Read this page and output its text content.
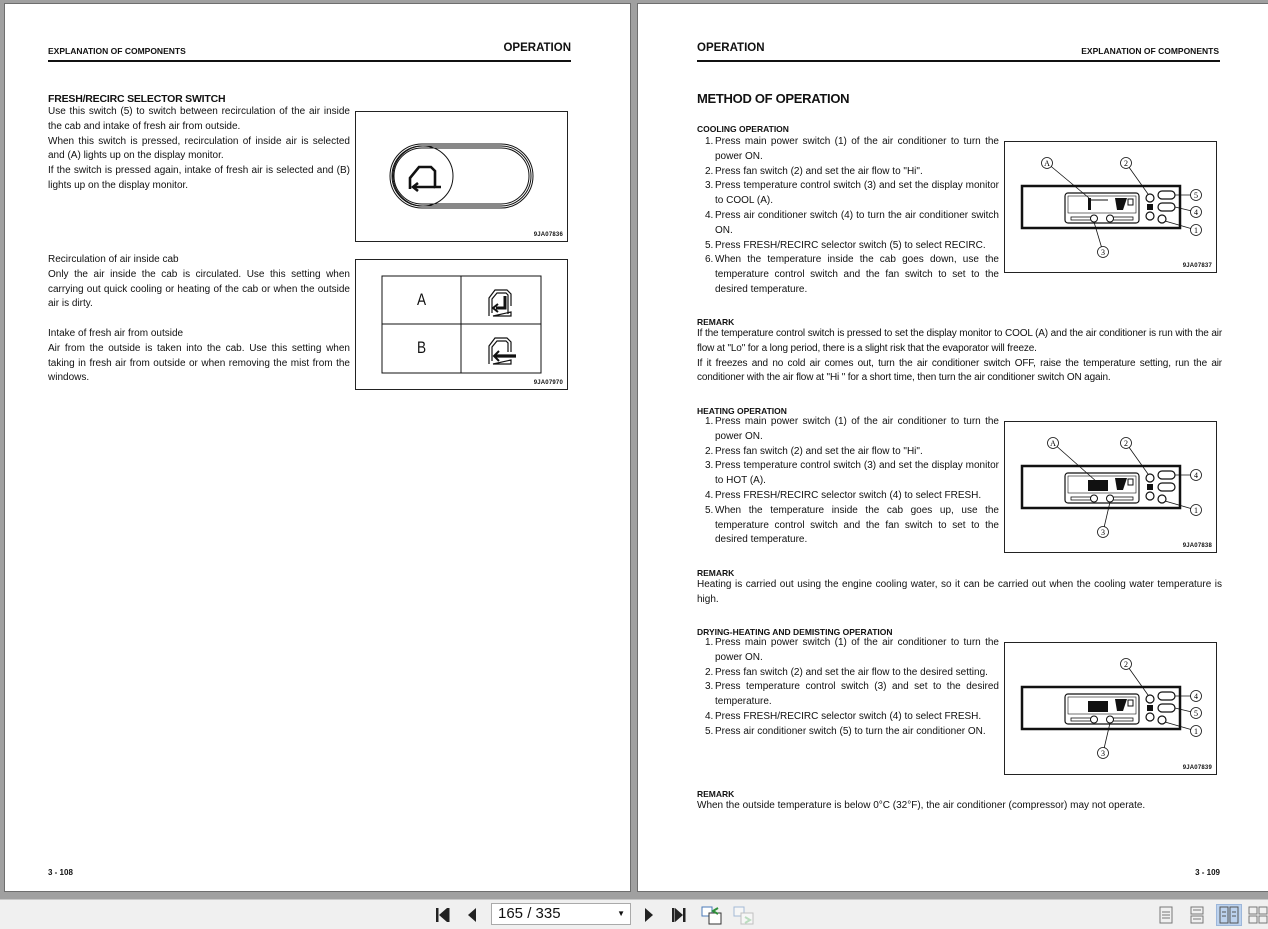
EXPLANATION OF COMPONENTS	OPERATION
FRESH/RECIRC SELECTOR SWITCH
Use this switch (5) to switch between recirculation of the air inside the cab and intake of fresh air from outside.
When this switch is pressed, recirculation of inside air is selected and (A) lights up on the display monitor.
If the switch is pressed again, intake of fresh air is selected and (B) lights up on the display monitor.
9JA07836
Recirculation of air inside cab
Only the air inside the cab is circulated. Use this setting when carrying out quick cooling or heating of the cab or when the outside air is dirty.
Intake of fresh air from outside
Air from the outside is taken into the cab. Use this setting when taking in fresh air from outside or when removing the mist from the windows.
A
B
9JA07970
3 - 108
OPERATION	EXPLANATION OF COMPONENTS
METHOD OF OPERATION
COOLING OPERATION
1. Press main power switch (1) of the air conditioner to turn the power ON.
2. Press fan switch (2) and set the air flow to "Hi".
3. Press temperature control switch (3) and set the display monitor to COOL (A).
4. Press air conditioner switch (4) to turn the air conditioner switch ON.
5. Press FRESH/RECIRC selector switch (5) to select RECIRC.
6. When the temperature inside the cab goes down, use the temperature control switch and the fan switch to set to the desired temperature.
A	2
5
4
1
3
9JA07837
REMARK
If the temperature control switch is pressed to set the display monitor to COOL (A) and the air conditioner is run with the air flow at "Lo" for a long period, there is a slight risk that the evaporator will freeze.
If it freezes and no cold air comes out, turn the air conditioner switch OFF, raise the temperature setting, run the air conditioner with the air flow at "Hi " for a short time, then turn the air conditioner switch ON again.
HEATING OPERATION
1. Press main power switch (1) of the air conditioner to turn the power ON.
2. Press fan switch (2) and set the air flow to "Hi".
3. Press temperature control switch (3) and set the display monitor to HOT (A).
4. Press FRESH/RECIRC selector switch (4) to select FRESH.
5. When the temperature inside the cab goes up, use the temperature control switch and the fan switch to set to the desired temperature.
A	2
4
1
3
9JA07838
REMARK
Heating is carried out using the engine cooling water, so it can be carried out when the cooling water temperature is high.
DRYING-HEATING AND DEMISTING OPERATION
1. Press main power switch (1) of the air conditioner to turn the power ON.
2. Press fan switch (2) and set the air flow to the desired setting.
3. Press temperature control switch (3) and set to the desired temperature.
4. Press FRESH/RECIRC selector switch (4) to select FRESH.
5. Press air conditioner switch (5) to turn the air conditioner ON.
2
4
5
1
3
9JA07839
REMARK
When the outside temperature is below 0°C (32°F), the air conditioner (compressor) may not operate.
3 - 109
165 / 335	▼
